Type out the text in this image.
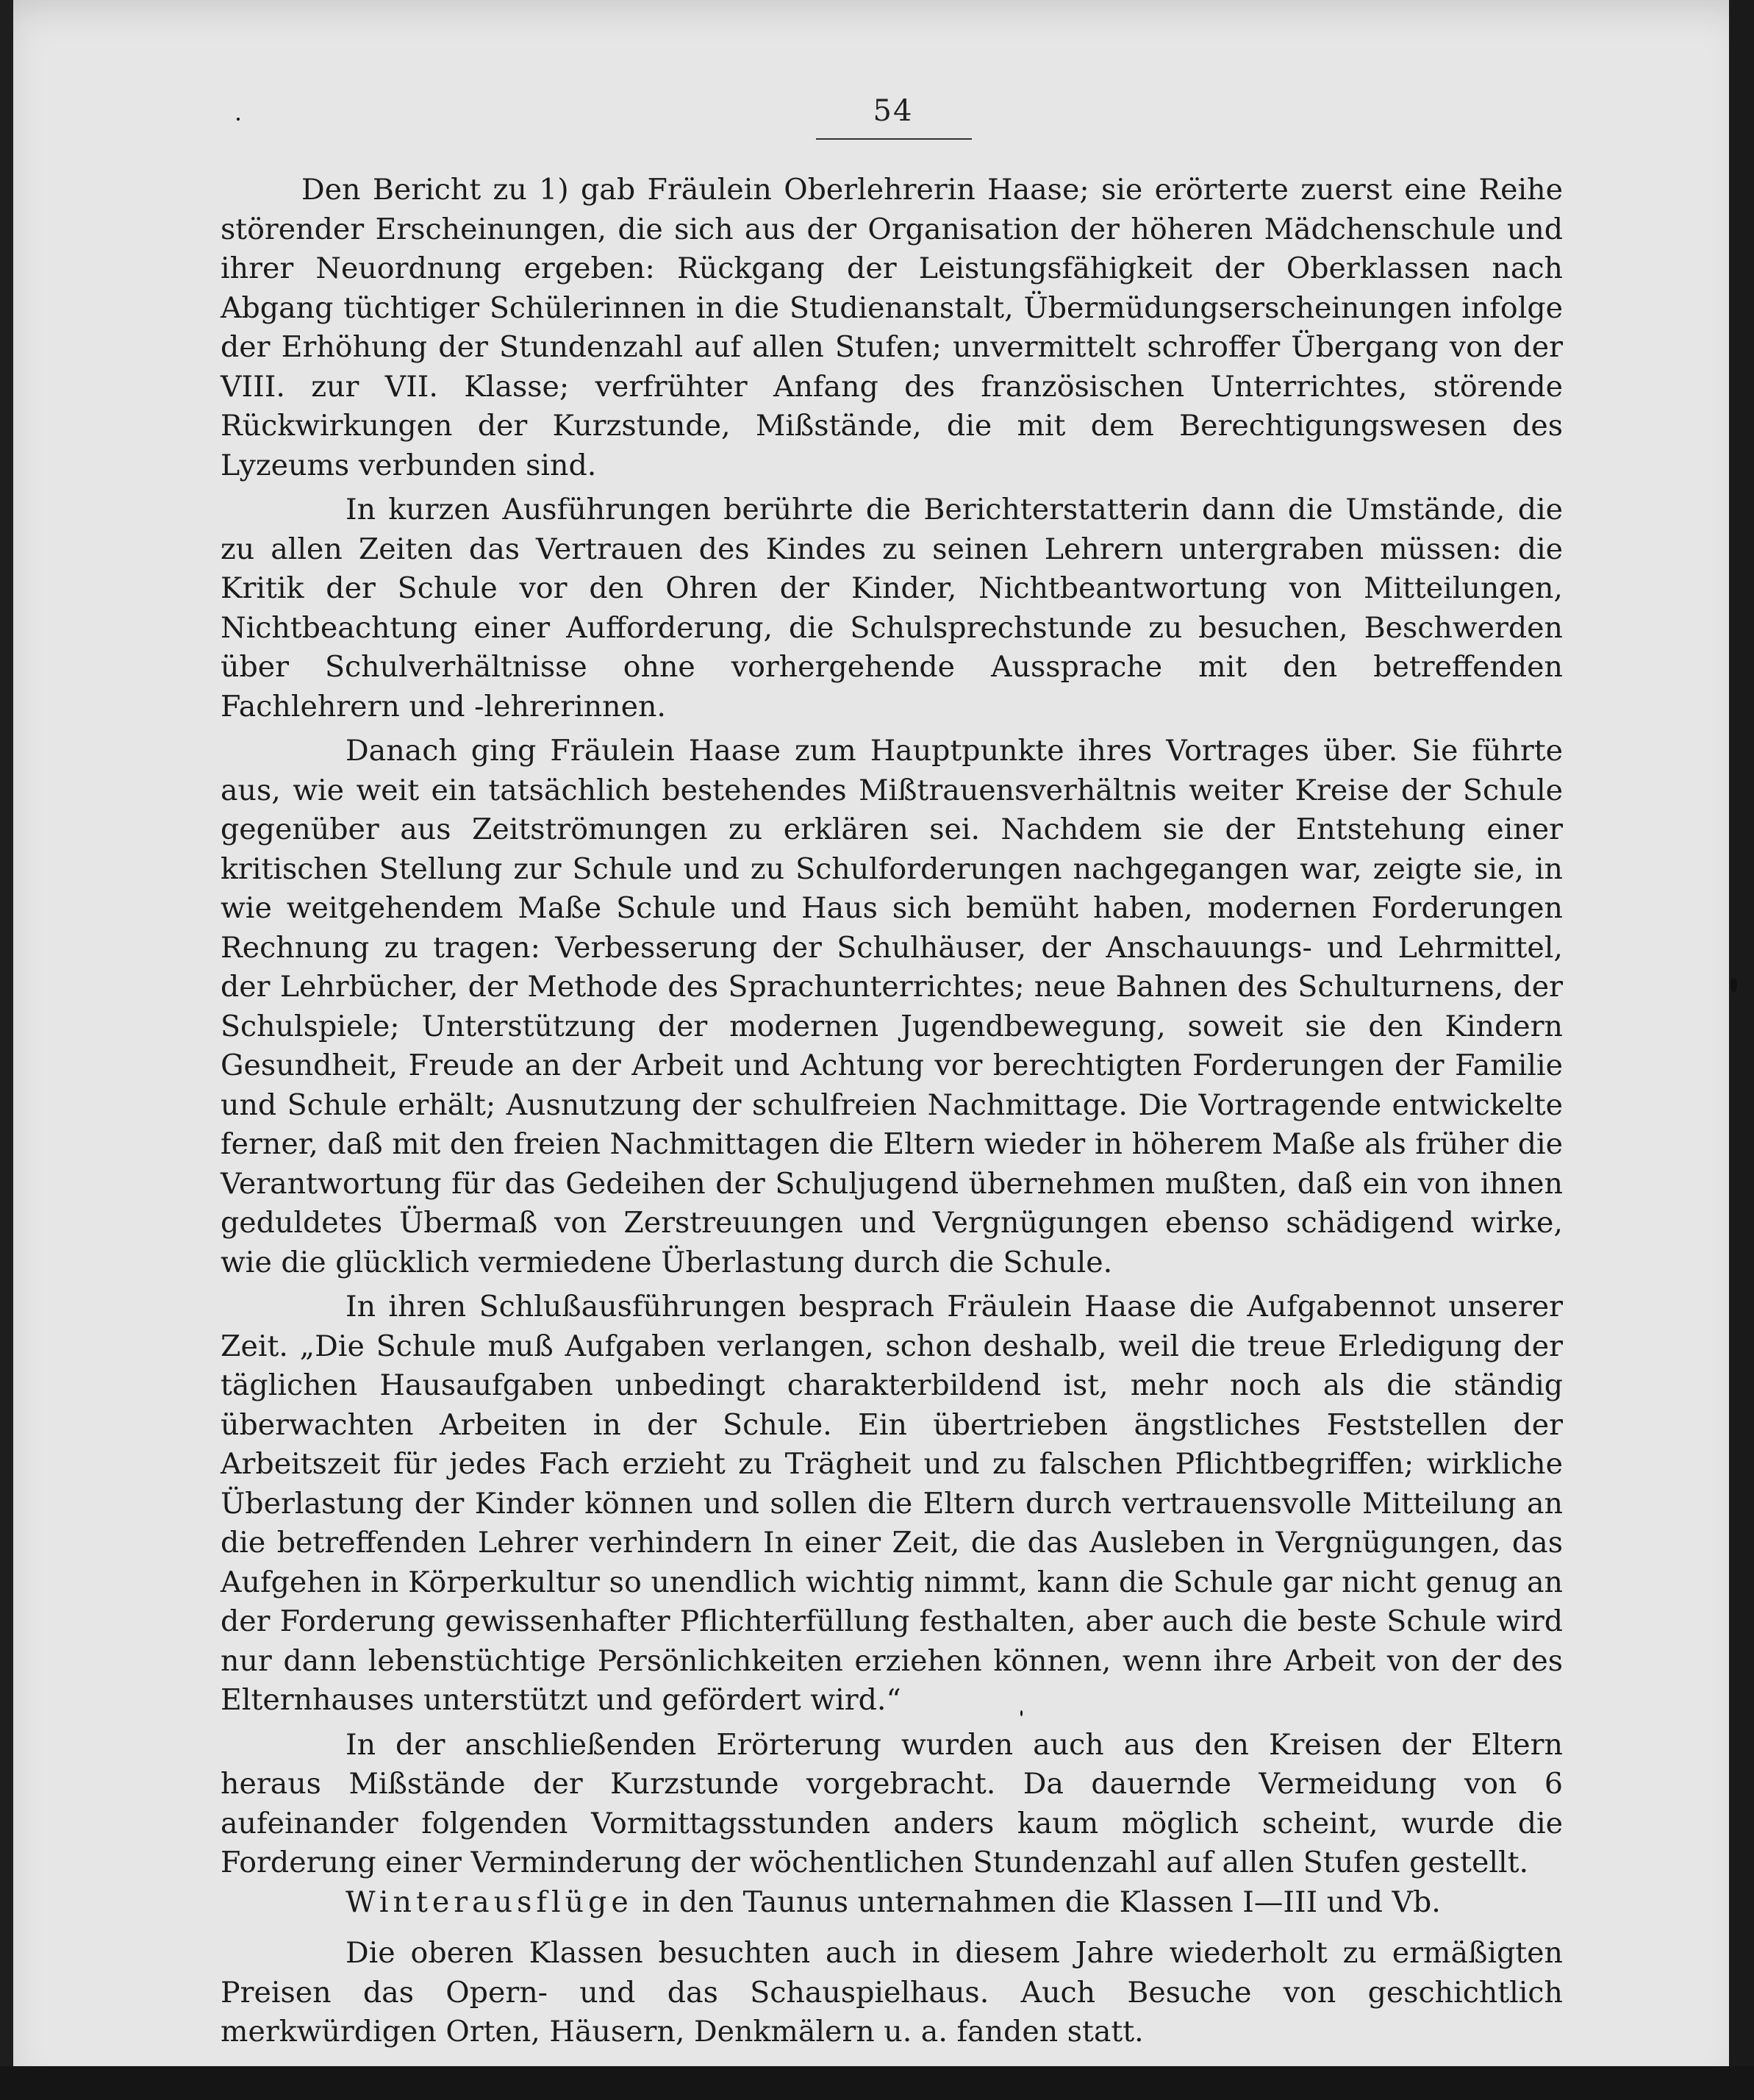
54

Den Bericht zu 1) gab Fräulein Oberlehrerin Haase; sie erörterte zuerst eine Reihe störender Erscheinungen, die sich aus der Organisation der höheren Mädchenschule und ihrer Neuordnung ergeben: Rückgang der Leistungsfähigkeit der Oberklassen nach Abgang tüchtiger Schülerinnen in die Studienanstalt, Übermüdungserscheinungen infolge der Erhöhung der Stundenzahl auf allen Stufen; unvermittelt schroffer Übergang von der VIII. zur VII. Klasse; verfrühter Anfang des französischen Unterrichtes, störende Rückwirkungen der Kurzstunde, Mißstände, die mit dem Berechtigungswesen des Lyzeums verbunden sind.

In kurzen Ausführungen berührte die Berichterstatterin dann die Umstände, die zu allen Zeiten das Vertrauen des Kindes zu seinen Lehrern untergraben müssen: die Kritik der Schule vor den Ohren der Kinder, Nichtbeantwortung von Mitteilungen, Nichtbeachtung einer Aufforderung, die Schulsprechstunde zu besuchen, Beschwerden über Schulverhältnisse ohne vorhergehende Aussprache mit den betreffenden Fachlehrern und -lehrerinnen.

Danach ging Fräulein Haase zum Hauptpunkte ihres Vortrages über. Sie führte aus, wie weit ein tatsächlich bestehendes Mißtrauensverhältnis weiter Kreise der Schule gegenüber aus Zeitströmungen zu erklären sei. Nachdem sie der Entstehung einer kritischen Stellung zur Schule und zu Schulforderungen nachgegangen war, zeigte sie, in wie weitgehendem Maße Schule und Haus sich bemüht haben, modernen Forderungen Rechnung zu tragen: Verbesserung der Schulhäuser, der Anschauungs- und Lehrmittel, der Lehrbücher, der Methode des Sprachunterrichtes; neue Bahnen des Schulturnens, der Schulspiele; Unterstützung der modernen Jugendbewegung, soweit sie den Kindern Gesundheit, Freude an der Arbeit und Achtung vor berechtigten Forderungen der Familie und Schule erhält; Ausnutzung der schulfreien Nachmittage. Die Vortragende entwickelte ferner, daß mit den freien Nachmittagen die Eltern wieder in höherem Maße als früher die Verantwortung für das Gedeihen der Schuljugend übernehmen mußten, daß ein von ihnen geduldetes Übermaß von Zerstreuungen und Vergnügungen ebenso schädigend wirke, wie die glücklich vermiedene Überlastung durch die Schule.

In ihren Schlußausführungen besprach Fräulein Haase die Aufgabennot unserer Zeit. „Die Schule muß Aufgaben verlangen, schon deshalb, weil die treue Erledigung der täglichen Hausaufgaben unbedingt charakterbildend ist, mehr noch als die ständig überwachten Arbeiten in der Schule. Ein übertrieben ängstliches Feststellen der Arbeitszeit für jedes Fach erzieht zu Trägheit und zu falschen Pflichtbegriffen; wirkliche Überlastung der Kinder können und sollen die Eltern durch vertrauensvolle Mitteilung an die betreffenden Lehrer verhindern In einer Zeit, die das Ausleben in Vergnügungen, das Aufgehen in Körperkultur so unendlich wichtig nimmt, kann die Schule gar nicht genug an der Forderung gewissenhafter Pflichterfüllung festhalten, aber auch die beste Schule wird nur dann lebenstüchtige Persönlichkeiten erziehen können, wenn ihre Arbeit von der des Elternhauses unterstützt und gefördert wird.“

In der anschließenden Erörterung wurden auch aus den Kreisen der Eltern heraus Mißstände der Kurzstunde vorgebracht. Da dauernde Vermeidung von 6 aufeinander folgenden Vormittagsstunden anders kaum möglich scheint, wurde die Forderung einer Verminderung der wöchentlichen Stundenzahl auf allen Stufen gestellt.

Winterausflüge in den Taunus unternahmen die Klassen I—III und Vb.

Die oberen Klassen besuchten auch in diesem Jahre wiederholt zu ermäßigten Preisen das Opern- und das Schauspielhaus. Auch Besuche von geschichtlich merkwürdigen Orten, Häusern, Denkmälern u. a. fanden statt.
